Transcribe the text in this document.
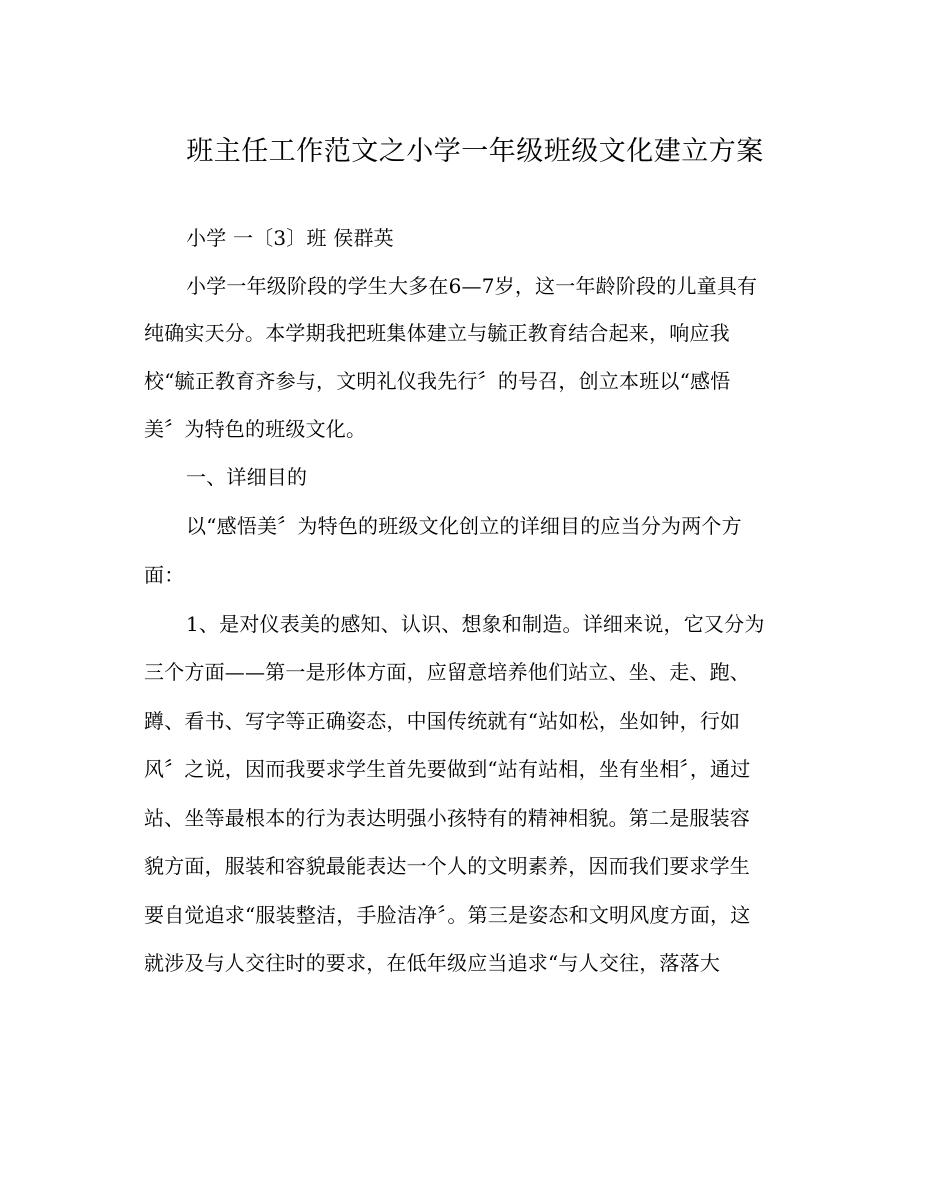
班主任工作范文之小学一年级班级文化建立方案
小学 一〔3〕班 侯群英
小学一年级阶段的学生大多在6—7岁，这一年龄阶段的儿童具有
纯确实天分。本学期我把班集体建立与毓正教育结合起来，响应我
校“毓正教育齐参与，文明礼仪我先行〞的号召，创立本班以“感悟
美〞为特色的班级文化。
一、详细目的
以“感悟美〞为特色的班级文化创立的详细目的应当分为两个方
面：
1、是对仪表美的感知、认识、想象和制造。详细来说，它又分为
三个方面——第一是形体方面，应留意培养他们站立、坐、走、跑、
蹲、看书、写字等正确姿态，中国传统就有“站如松，坐如钟，行如
风〞之说，因而我要求学生首先要做到“站有站相，坐有坐相〞，通过
站、坐等最根本的行为表达明强小孩特有的精神相貌。第二是服装容
貌方面，服装和容貌最能表达一个人的文明素养，因而我们要求学生
要自觉追求“服装整洁，手脸洁净〞。第三是姿态和文明风度方面，这
就涉及与人交往时的要求，在低年级应当追求“与人交往，落落大
